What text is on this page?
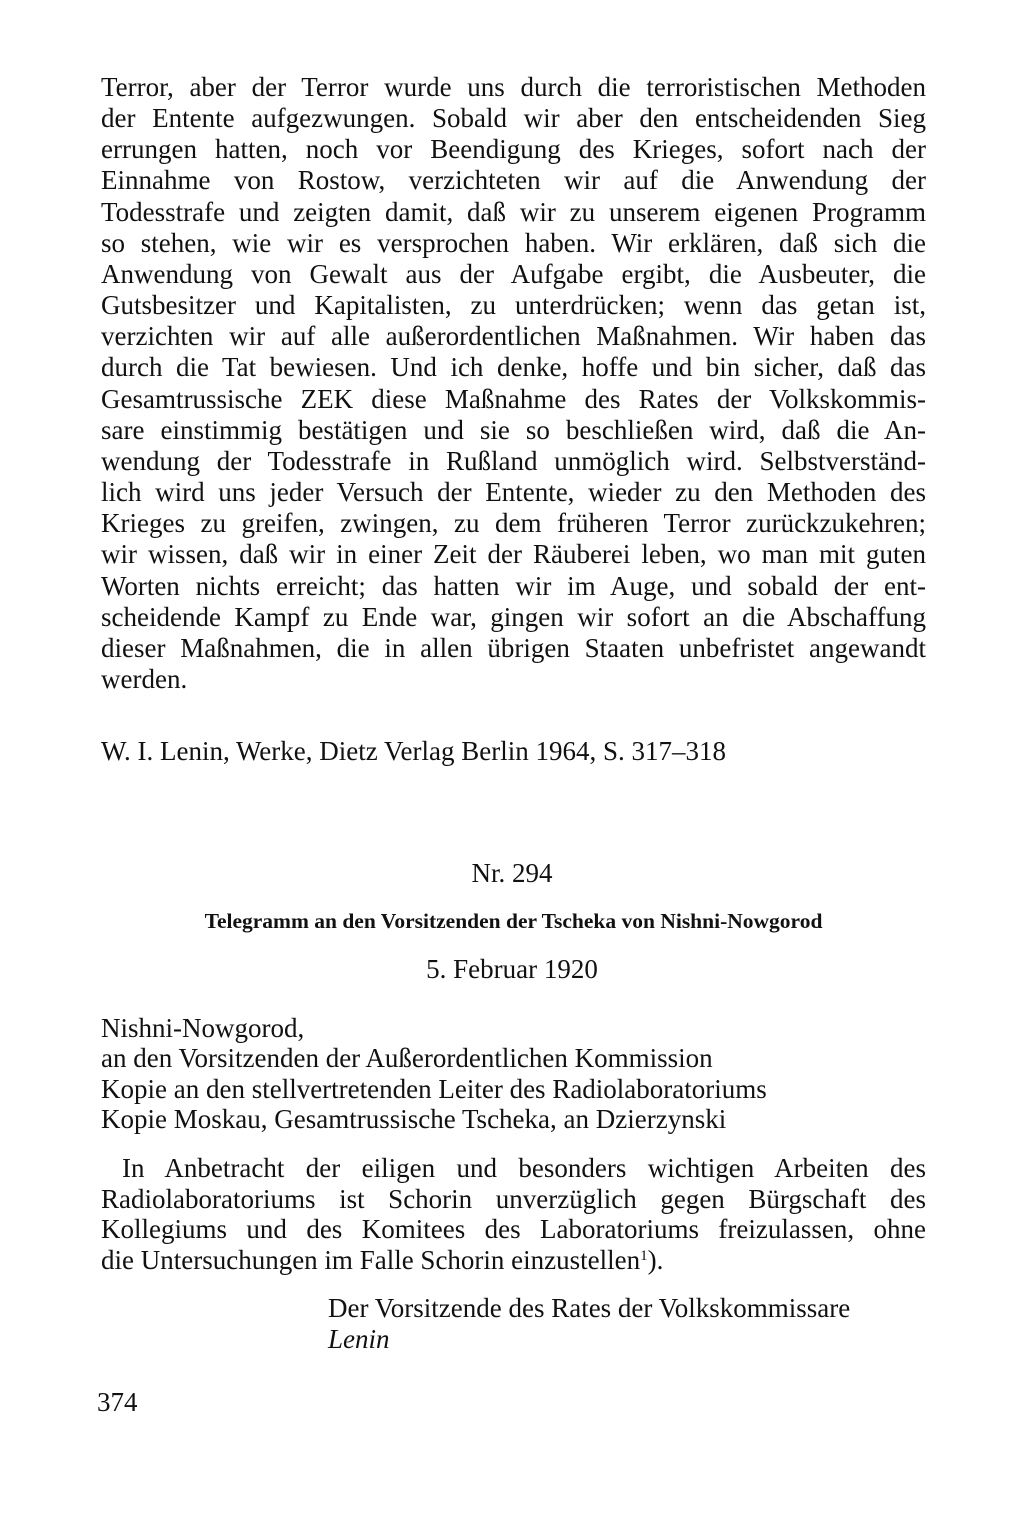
Terror, aber der Terror wurde uns durch die terroristischen Methoden
der Entente aufgezwungen. Sobald wir aber den entscheidenden Sieg
errungen hatten, noch vor Beendigung des Krieges, sofort nach der
Einnahme von Rostow, verzichteten wir auf die Anwendung der
Todesstrafe und zeigten damit, daß wir zu unserem eigenen Programm
so stehen, wie wir es versprochen haben. Wir erklären, daß sich die
Anwendung von Gewalt aus der Aufgabe ergibt, die Ausbeuter, die
Gutsbesitzer und Kapitalisten, zu unterdrücken; wenn das getan ist,
verzichten wir auf alle außerordentlichen Maßnahmen. Wir haben das
durch die Tat bewiesen. Und ich denke, hoffe und bin sicher, daß das
Gesamtrussische ZEK diese Maßnahme des Rates der Volkskommis-
sare einstimmig bestätigen und sie so beschließen wird, daß die An-
wendung der Todesstrafe in Rußland unmöglich wird. Selbstverständ-
lich wird uns jeder Versuch der Entente, wieder zu den Methoden des
Krieges zu greifen, zwingen, zu dem früheren Terror zurückzukehren;
wir wissen, daß wir in einer Zeit der Räuberei leben, wo man mit guten
Worten nichts erreicht; das hatten wir im Auge, und sobald der ent-
scheidende Kampf zu Ende war, gingen wir sofort an die Abschaffung
dieser Maßnahmen, die in allen übrigen Staaten unbefristet angewandt
werden.
W. I. Lenin, Werke, Dietz Verlag Berlin 1964, S. 317–318
Nr. 294
Telegramm an den Vorsitzenden der Tscheka von Nishni-Nowgorod
5. Februar 1920
Nishni-Nowgorod,
an den Vorsitzenden der Außerordentlichen Kommission
Kopie an den stellvertretenden Leiter des Radiolaboratoriums
Kopie Moskau, Gesamtrussische Tscheka, an Dzierzynski
In Anbetracht der eiligen und besonders wichtigen Arbeiten des
Radiolaboratoriums ist Schorin unverzüglich gegen Bürgschaft des
Kollegiums und des Komitees des Laboratoriums freizulassen, ohne
die Untersuchungen im Falle Schorin einzustellen$^1$).
Der Vorsitzende des Rates der Volkskommissare
Lenin
374
